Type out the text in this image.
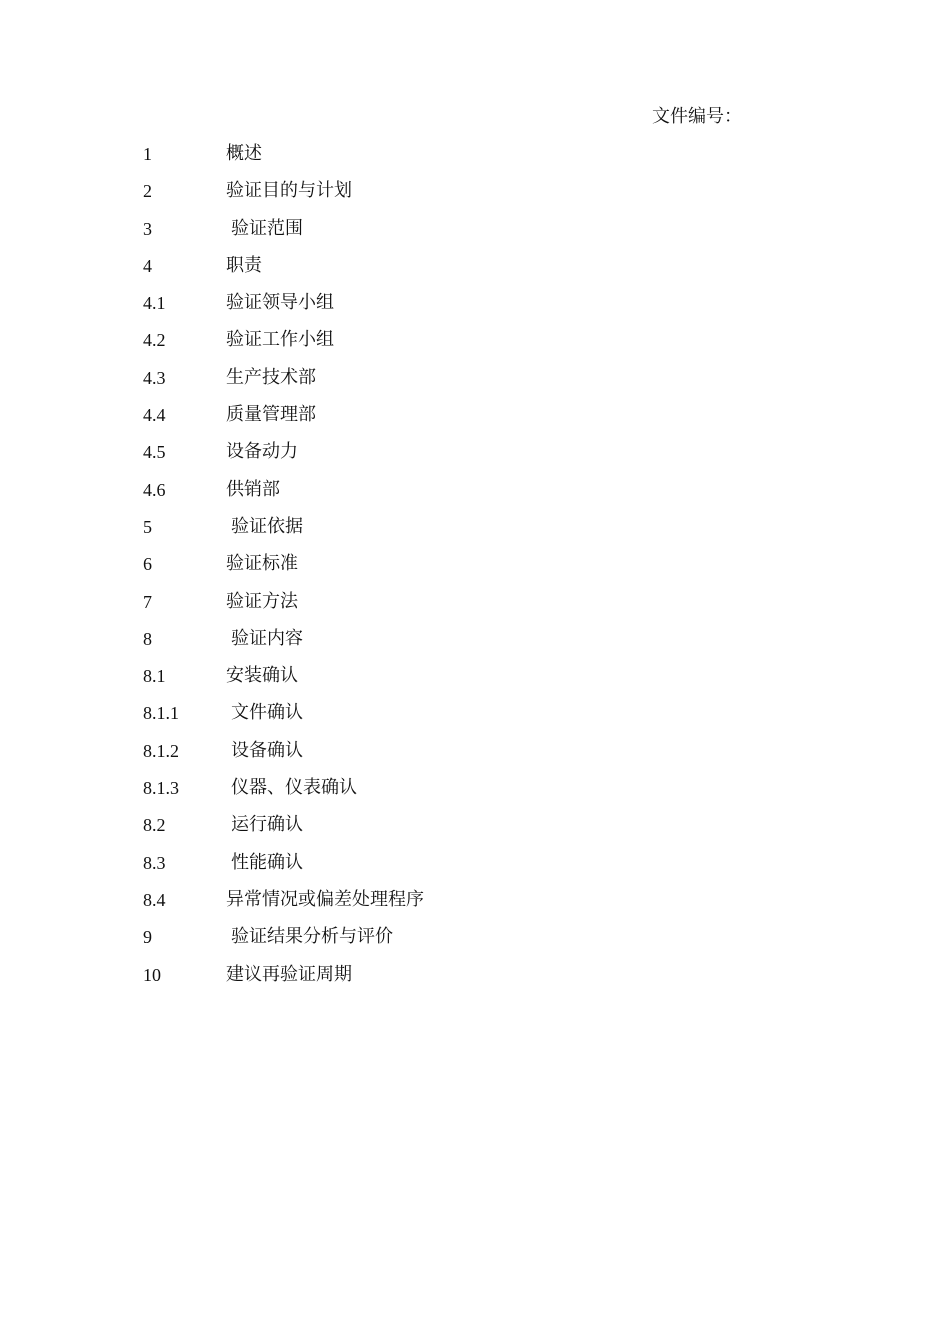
文件编号：
1	概述
2	验证目的与计划
3	验证范围
4	职责
4.1	验证领导小组
4.2	验证工作小组
4.3	生产技术部
4.4	质量管理部
4.5	设备动力
4.6	供销部
5	验证依据
6	验证标准
7	验证方法
8	验证内容
8.1	安装确认
8.1.1	文件确认
8.1.2	设备确认
8.1.3	仪器、仪表确认
8.2	运行确认
8.3	性能确认
8.4	异常情况或偏差处理程序
9	验证结果分析与评价
10	建议再验证周期
